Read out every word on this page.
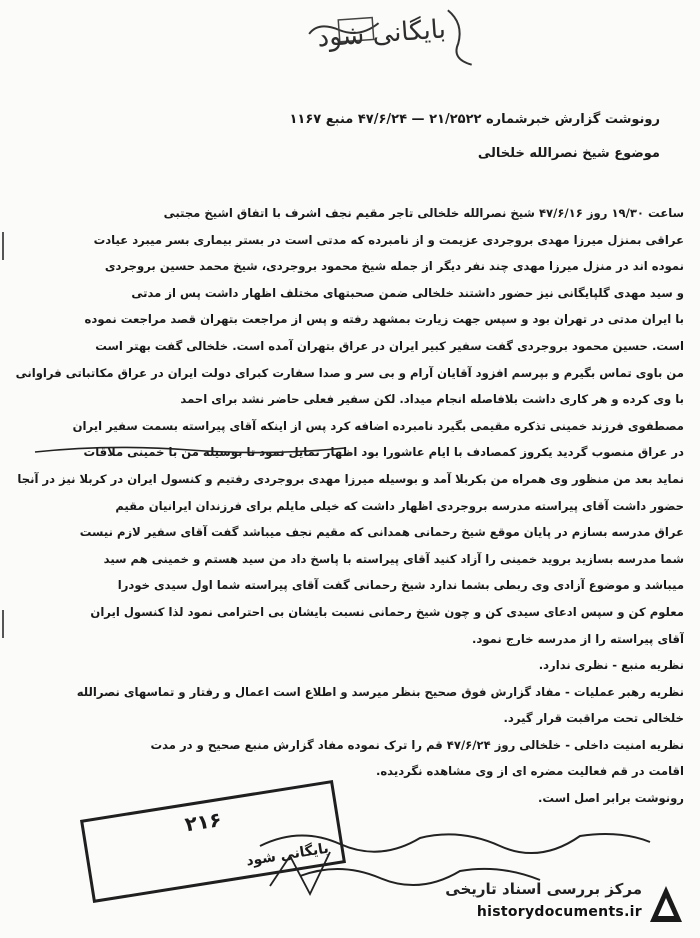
بایگانی شود
رونوشت گزارش خبرشماره ۲۱/۲۵۲۲ — ۴۷/۶/۲۴ منبع ۱۱۶۷
موضوع شیخ نصرالله خلخالی
ساعت ۱۹/۳۰ روز ۴۷/۶/۱۶ شیخ نصرالله خلخالی تاجر مقیم نجف اشرف با اتفاق اشیخ مجتبی
عراقی بمنزل میرزا مهدی بروجردی عزیمت و از نامبرده که مدتی است در بستر بیماری بسر میبرد عیادت
نموده اند در منزل میرزا مهدی چند نفر دیگر از جمله شیخ محمود بروجردی، شیخ محمد حسین بروجردی
و سید مهدی گلپایگانی نیز حضور داشتند خلخالی ضمن صحبتهای مختلف اظهار داشت پس از مدتی
با ایران مدتی در تهران بود و سپس جهت زیارت بمشهد رفته و پس از مراجعت بتهران قصد مراجعت نموده
است. حسین محمود بروجردی گفت سفیر کبیر ایران در عراق بتهران آمده است. خلخالی گفت بهتر است
من باوی تماس بگیرم و بپرسم افزود آقایان آرام و بی سر و صدا سفارت کبرای دولت ایران در عراق مکاتباتی فراوانی
با وی کرده و هر کاری داشت بلافاصله انجام میداد. لکن سفیر فعلی حاضر نشد برای احمد
مصطفوی فرزند خمینی تذکره مقیمی بگیرد نامبرده اضافه کرد پس از اینکه آقای پیراسته بسمت سفیر ایران
در عراق منصوب گردید یکروز کمصادف با ایام عاشورا بود اظهار تمایل نمود تا بوسیله من با خمینی ملاقات
نماید بعد من منظور وی همراه من بکربلا آمد و بوسیله میرزا مهدی بروجردی رفتیم و کنسول ایران در کربلا نیز در آنجا
حضور داشت آقای پیراسته مدرسه بروجردی اظهار داشت که خیلی مایلم برای فرزندان ایرانیان مقیم
عراق مدرسه بسازم در پایان موقع شیخ رحمانی همدانی که مقیم نجف میباشد گفت آقای سفیر لازم نیست
شما مدرسه بسازید بروید خمینی را آزاد کنید آقای پیراسته با پاسخ داد من سید هستم و خمینی هم سید
میباشد و موضوع آزادی وی ربطی بشما ندارد شیخ رحمانی گفت آقای پیراسته شما اول سیدی خودرا
معلوم کن و سپس ادعای سیدی کن و چون شیخ رحمانی نسبت بایشان بی احترامی نمود لذا کنسول ایران
آقای پیراسته را از مدرسه خارج نمود.
نظریه منبع - نظری ندارد.
نظریه رهبر عملیات - مفاد گزارش فوق صحیح بنظر میرسد و اطلاع است اعمال و رفتار و تماسهای نصرالله
خلخالی تحت مراقبت قرار گیرد.
نظریه امنیت داخلی - خلخالی روز ۴۷/۶/۲۴ قم را ترک نموده مفاد گزارش منبع صحیح و در مدت
اقامت در قم فعالیت مضره ای از وی مشاهده نگردیده.
رونوشت برابر اصل است.
۲۱۶
بایگانی شود
مرکز بررسی اسناد تاریخی
historydocuments.ir
